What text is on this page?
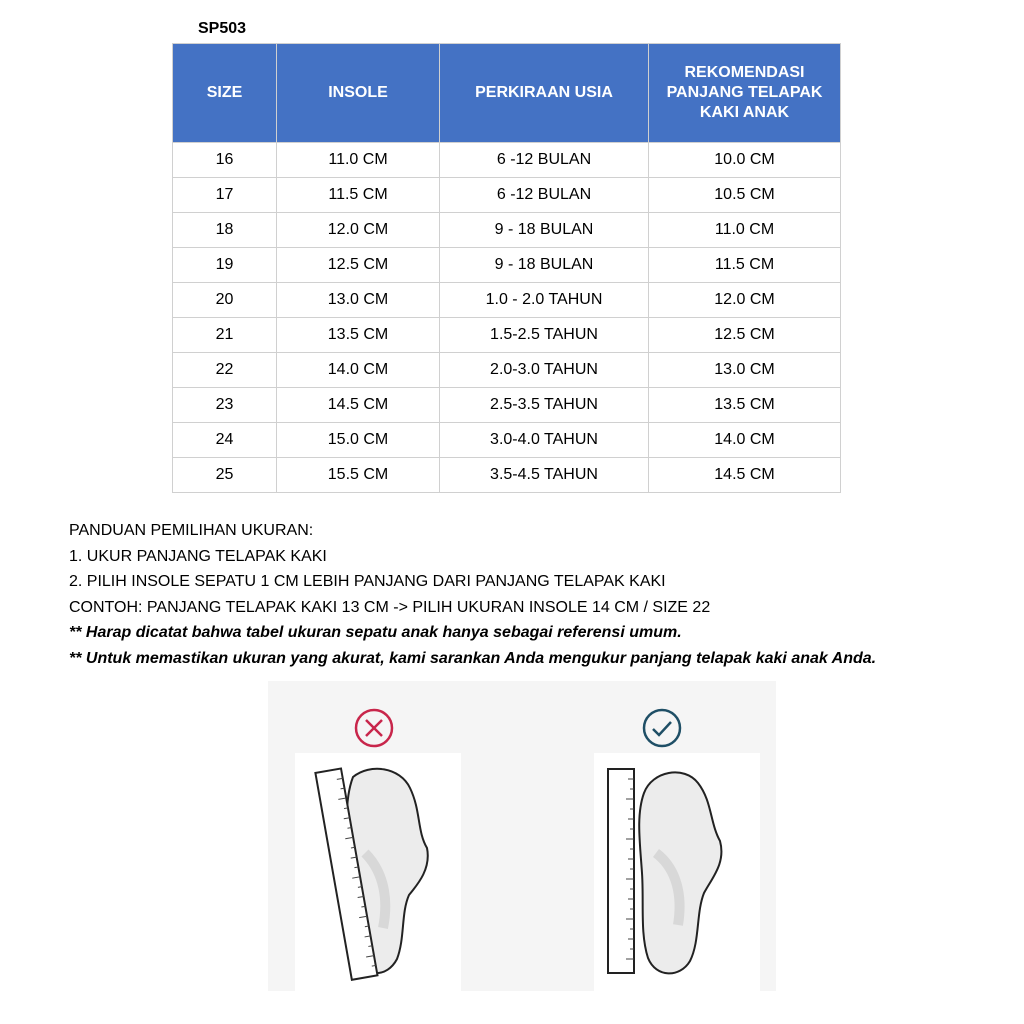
SP503
SIZE	INSOLE	PERKIRAAN USIA	REKOMENDASI PANJANG TELAPAK KAKI ANAK
16	11.0 CM	6 -12 BULAN	10.0 CM
17	11.5 CM	6 -12 BULAN	10.5 CM
18	12.0 CM	9 - 18 BULAN	11.0 CM
19	12.5 CM	9 - 18 BULAN	11.5 CM
20	13.0 CM	1.0 - 2.0 TAHUN	12.0 CM
21	13.5 CM	1.5-2.5 TAHUN	12.5 CM
22	14.0 CM	2.0-3.0 TAHUN	13.0 CM
23	14.5 CM	2.5-3.5 TAHUN	13.5 CM
24	15.0 CM	3.0-4.0 TAHUN	14.0 CM
25	15.5 CM	3.5-4.5 TAHUN	14.5 CM
PANDUAN PEMILIHAN UKURAN:
1. UKUR PANJANG TELAPAK KAKI
2. PILIH INSOLE SEPATU 1 CM LEBIH PANJANG DARI PANJANG TELAPAK KAKI
CONTOH: PANJANG TELAPAK KAKI 13 CM -> PILIH UKURAN INSOLE 14 CM / SIZE 22
** Harap dicatat bahwa tabel ukuran sepatu anak hanya sebagai referensi umum.
** Untuk memastikan ukuran yang akurat, kami sarankan Anda mengukur panjang telapak kaki anak Anda.
